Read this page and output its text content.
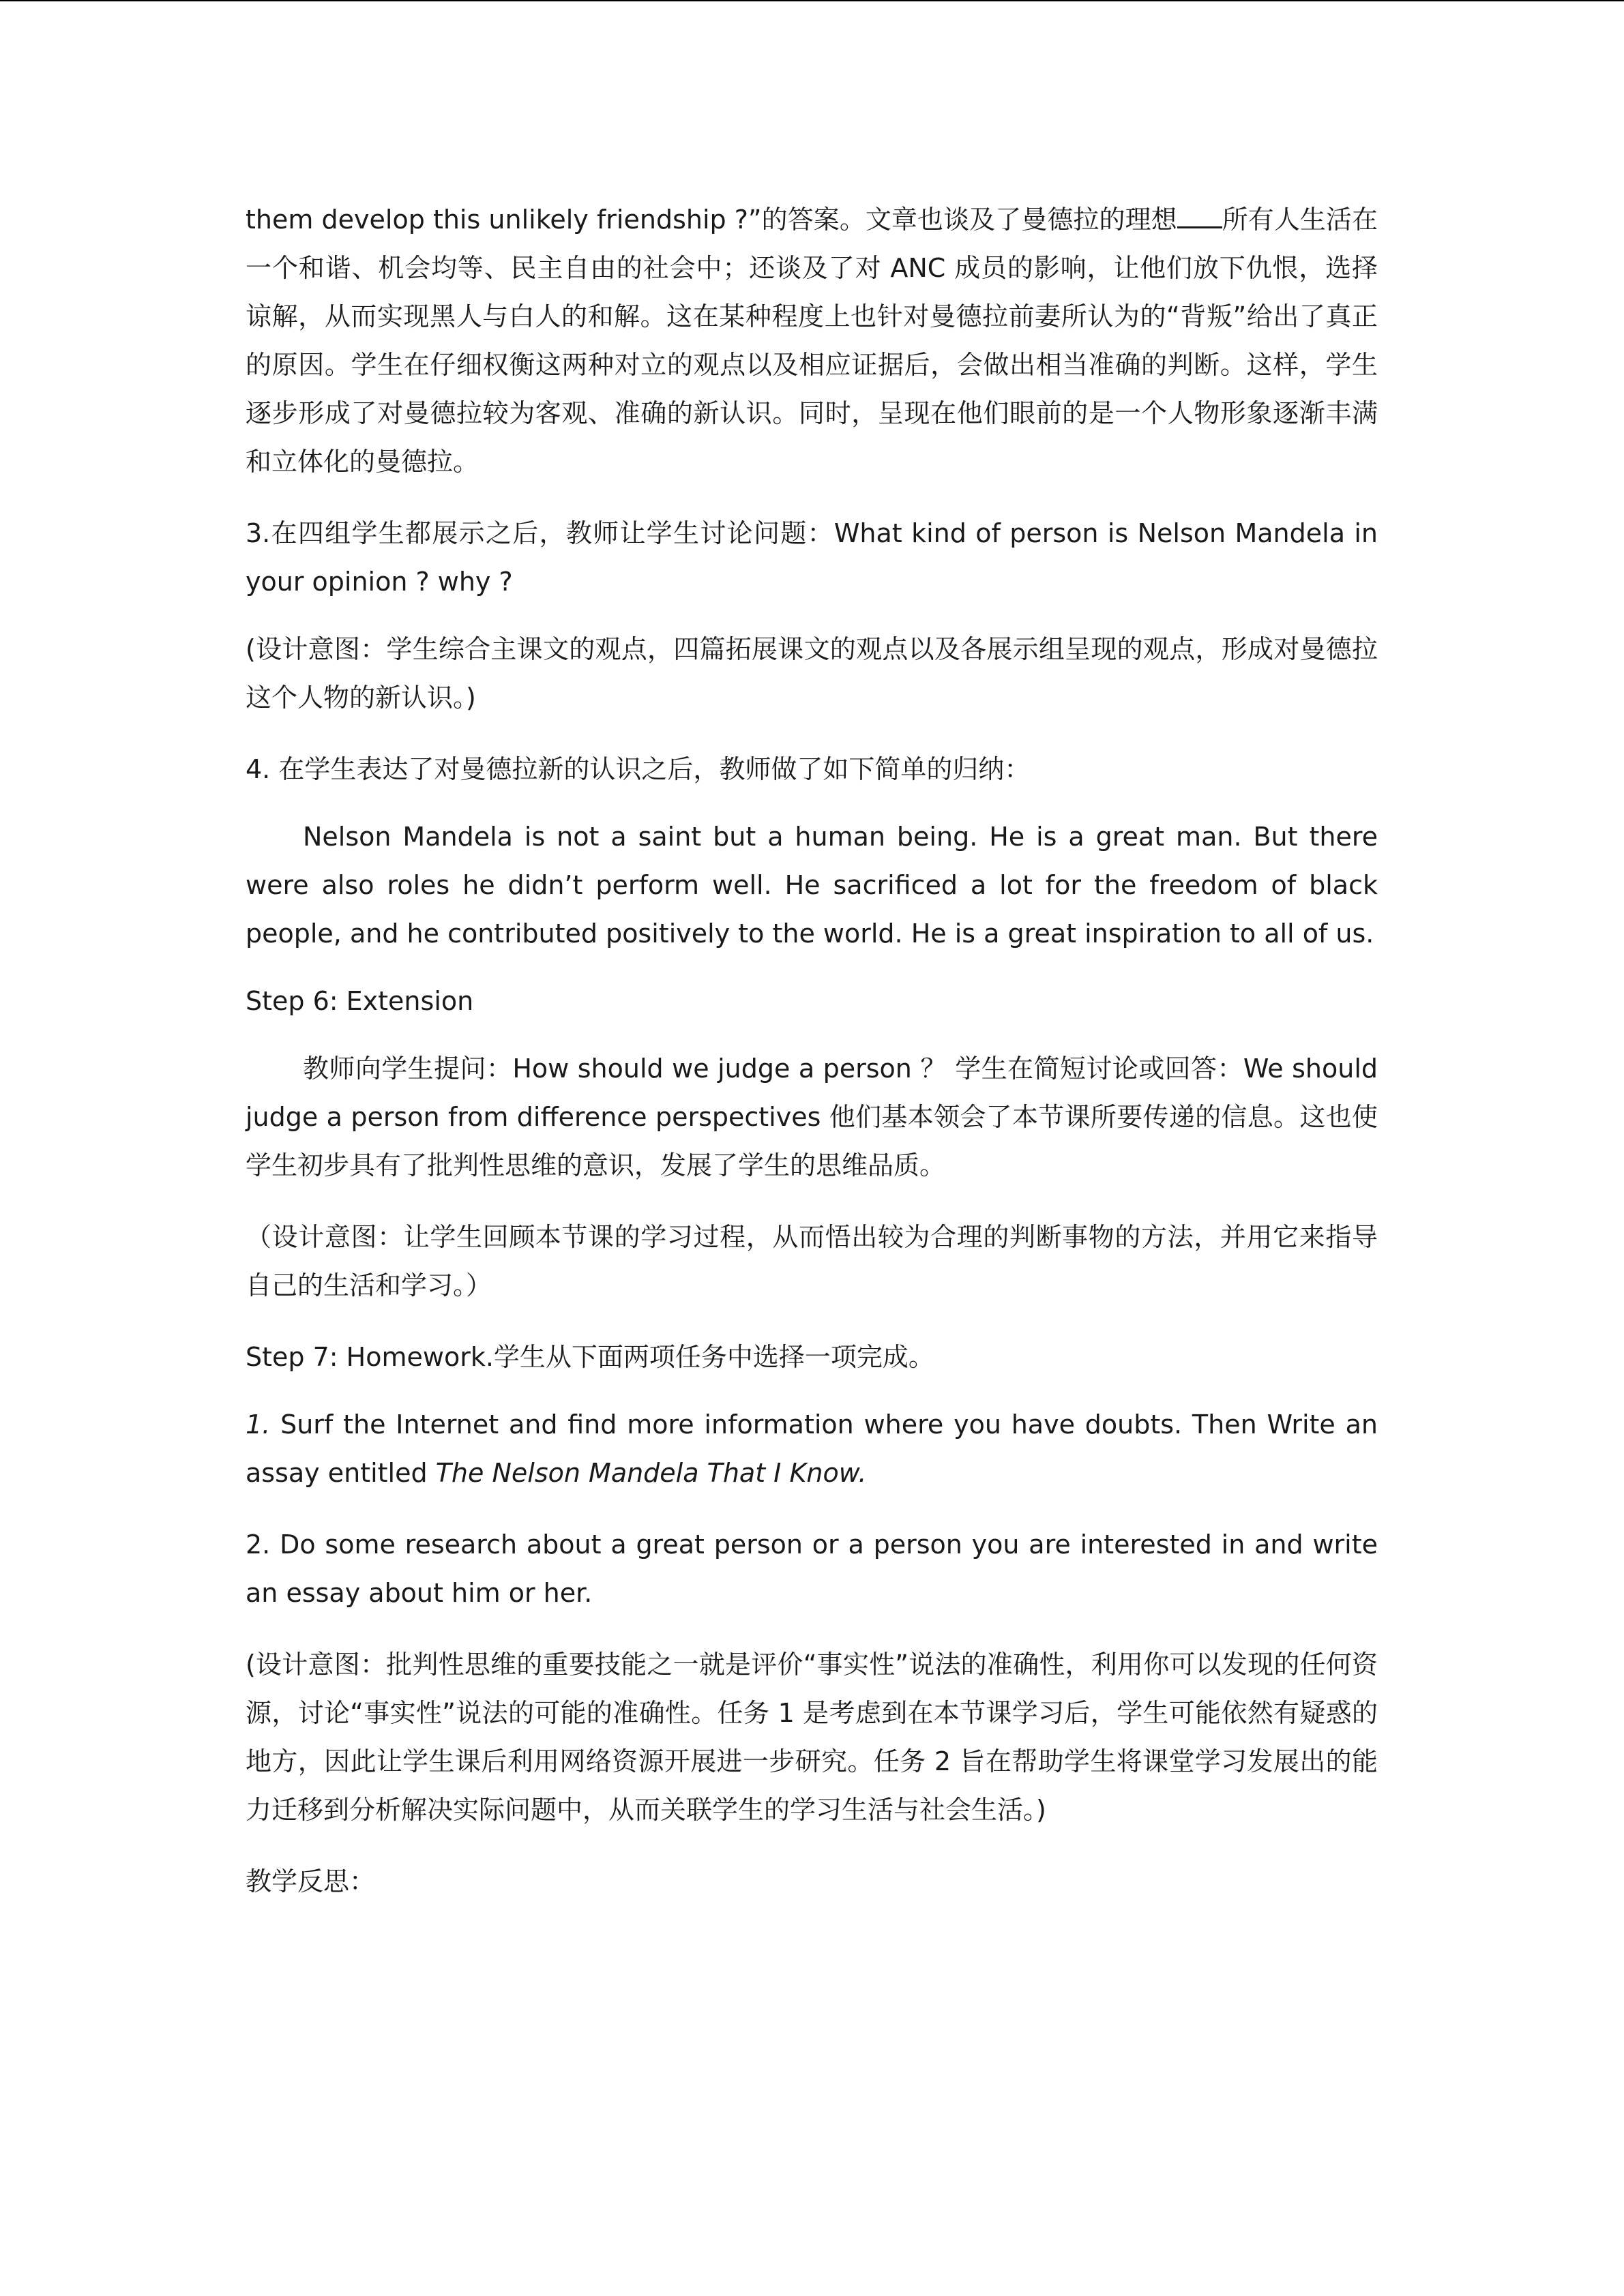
them develop this unlikely friendship ?”的答案。文章也谈及了曼德拉的理想 所有人生活在一个和谐、机会均等、民主自由的社会中；还谈及了对 ANC 成员的影响，让他们放下仇恨，选择谅解，从而实现黑人与白人的和解。这在某种程度上也针对曼德拉前妻所认为的“背叛”给出了真正的原因。学生在仔细权衡这两种对立的观点以及相应证据后，会做出相当准确的判断。这样，学生逐步形成了对曼德拉较为客观、准确的新认识。同时，呈现在他们眼前的是一个人物形象逐渐丰满和立体化的曼德拉。

3.在四组学生都展示之后，教师让学生讨论问题：What kind of person is Nelson Mandela in your opinion ? why ?

(设计意图：学生综合主课文的观点，四篇拓展课文的观点以及各展示组呈现的观点，形成对曼德拉这个人物的新认识。)

4. 在学生表达了对曼德拉新的认识之后，教师做了如下简单的归纳：

Nelson Mandela is not a saint but a human being. He is a great man. But there were also roles he didn’t perform well. He sacrificed a lot for the freedom of black people, and he contributed positively to the world. He is a great inspiration to all of us.

Step 6: Extension

教师向学生提问：How should we judge a person ？ 学生在简短讨论或回答：We should judge a person from difference perspectives 他们基本领会了本节课所要传递的信息。这也使学生初步具有了批判性思维的意识，发展了学生的思维品质。

（设计意图：让学生回顾本节课的学习过程，从而悟出较为合理的判断事物的方法，并用它来指导自己的生活和学习。）

Step 7: Homework.学生从下面两项任务中选择一项完成。

1. Surf the Internet and find more information where you have doubts. Then Write an assay entitled The Nelson Mandela That I Know.

2. Do some research about a great person or a person you are interested in and write an essay about him or her.

(设计意图：批判性思维的重要技能之一就是评价“事实性”说法的准确性，利用你可以发现的任何资源，讨论“事实性”说法的可能的准确性。任务 1 是考虑到在本节课学习后，学生可能依然有疑惑的地方，因此让学生课后利用网络资源开展进一步研究。任务 2 旨在帮助学生将课堂学习发展出的能力迁移到分析解决实际问题中，从而关联学生的学习生活与社会生活。)

教学反思：
